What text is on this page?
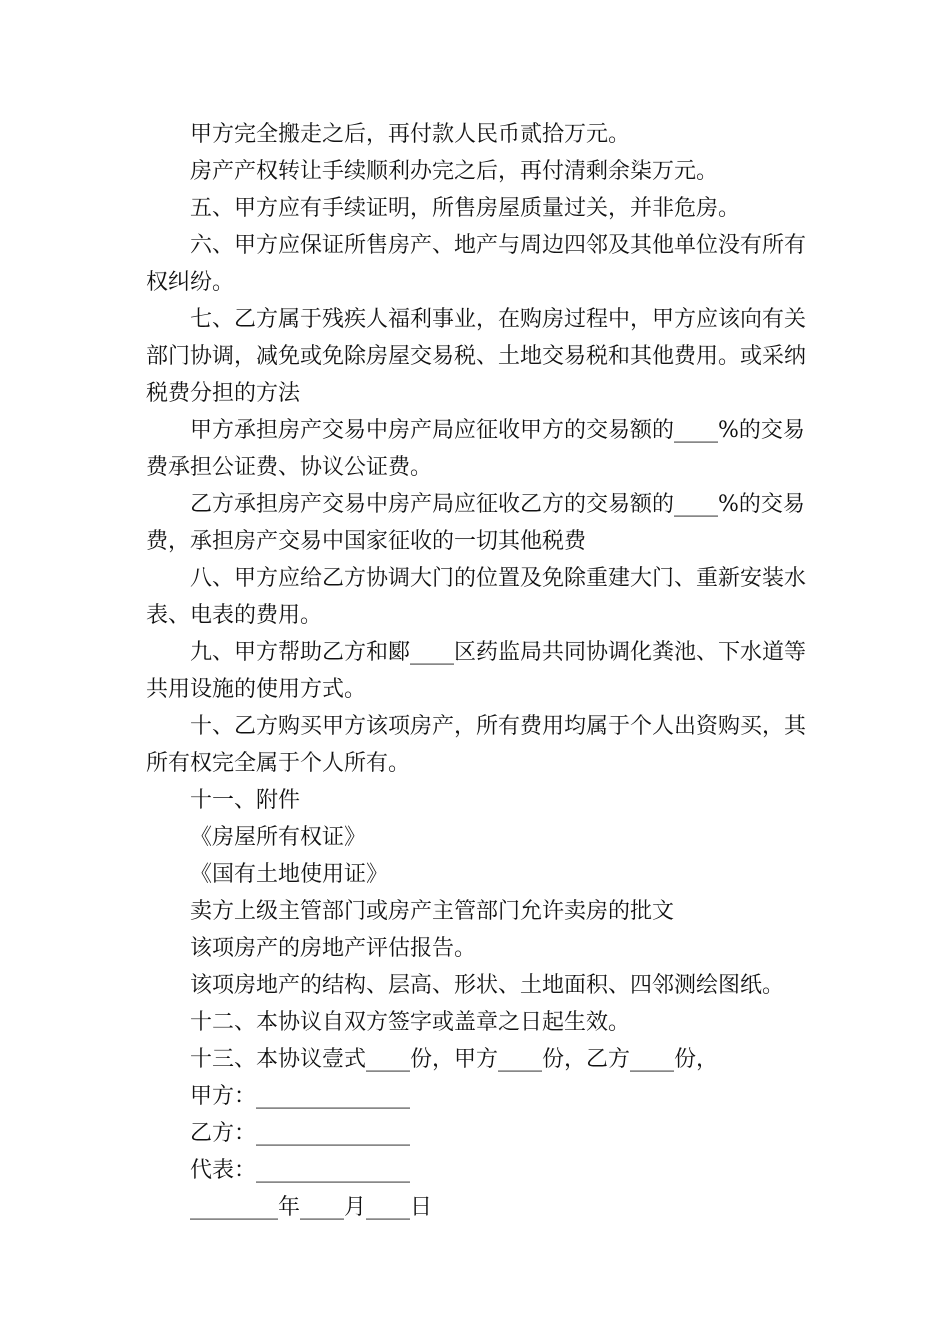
甲方完全搬走之后，再付款人民币贰拾万元。

房产产权转让手续顺利办完之后，再付清剩余柒万元。

五、甲方应有手续证明，所售房屋质量过关，并非危房。

六、甲方应保证所售房产、地产与周边四邻及其他单位没有所有权纠纷。

七、乙方属于残疾人福利事业，在购房过程中，甲方应该向有关部门协调，减免或免除房屋交易税、土地交易税和其他费用。或采纳税费分担的方法

甲方承担房产交易中房产局应征收甲方的交易额的____%的交易费承担公证费、协议公证费。

乙方承担房产交易中房产局应征收乙方的交易额的____%的交易费，承担房产交易中国家征收的一切其他税费

八、甲方应给乙方协调大门的位置及免除重建大门、重新安装水表、电表的费用。

九、甲方帮助乙方和郾____区药监局共同协调化粪池、下水道等共用设施的使用方式。

十、乙方购买甲方该项房产，所有费用均属于个人出资购买，其所有权完全属于个人所有。

十一、附件

《房屋所有权证》

《国有土地使用证》

卖方上级主管部门或房产主管部门允许卖房的批文

该项房产的房地产评估报告。

该项房地产的结构、层高、形状、土地面积、四邻测绘图纸。

十二、本协议自双方签字或盖章之日起生效。

十三、本协议壹式____份，甲方____份，乙方____份，

甲方：______________

乙方：______________

代表：______________

________年____月____日
